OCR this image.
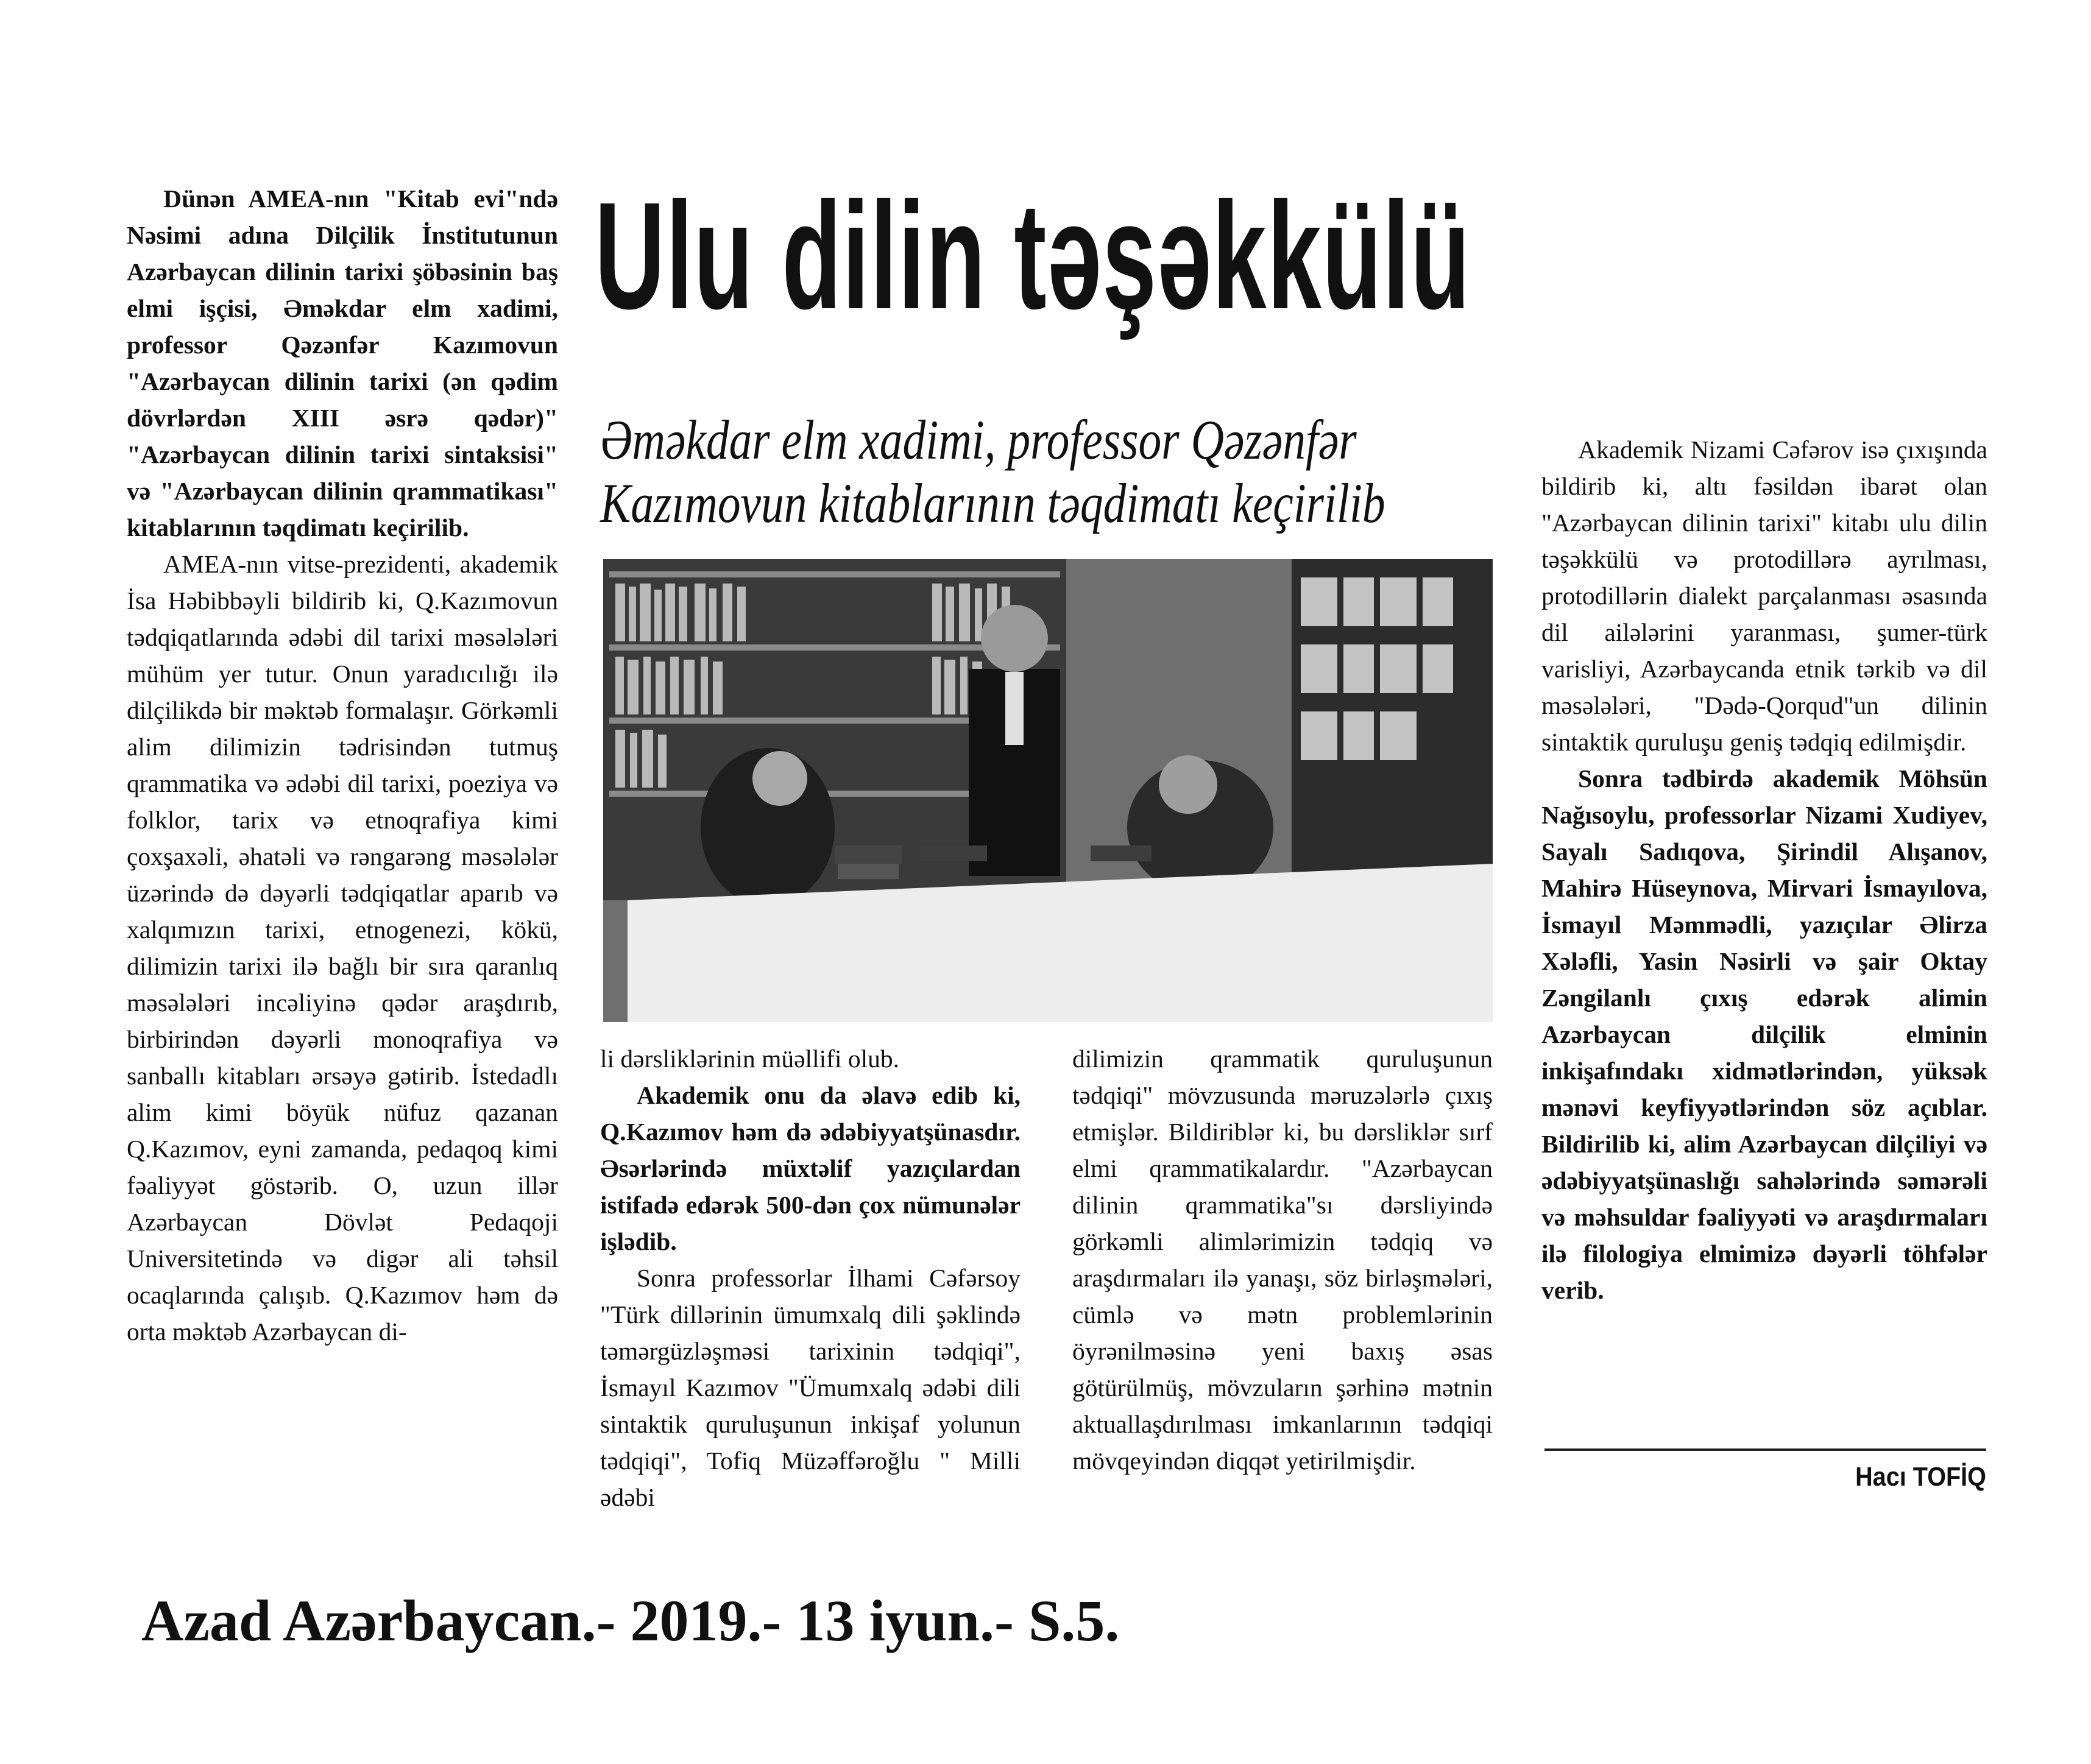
Ulu dilin təşəkkülü
Əməkdar elm xadimi, professor Qəzənfər
Kazımovun kitablarının təqdimatı keçirilib

Dünən AMEA-nın "Kitab evi"ndə Nəsimi adına Dilçilik İnstitutunun Azərbaycan dilinin tarixi şöbəsinin baş elmi işçisi, Əməkdar elm xadimi, professor Qəzənfər Kazımovun "Azərbaycan dilinin tarixi (ən qədim dövrlərdən XIII əsrə qədər)" "Azərbaycan dilinin tarixi sintaksisi" və "Azərbaycan dilinin qrammatikası" kitablarının təqdimatı keçirilib.

AMEA-nın vitse-prezidenti, akademik İsa Həbibbəyli bildirib ki, Q.Kazımovun tədqiqatlarında ədəbi dil tarixi məsələləri mühüm yer tutur. Onun yaradıcılığı ilə dilçilikdə bir məktəb formalaşır. Görkəmli alim dilimizin tədrisindən tutmuş qrammatika və ədəbi dil tarixi, poeziya və folklor, tarix və etnoqrafiya kimi çoxşaxəli, əhatəli və rəngarəng məsələlər üzərində də dəyərli tədqiqatlar aparıb və xalqımızın tarixi, etnogenezi, kökü, dilimizin tarixi ilə bağlı bir sıra qaranlıq məsələləri incəliyinə qədər araşdırıb, birbirindən dəyərli monoqrafiya və sanballı kitabları ərsəyə gətirib. İstedadlı alim kimi böyük nüfuz qazanan Q.Kazımov, eyni zamanda, pedaqoq kimi fəaliyyət göstərib. O, uzun illər Azərbaycan Dövlət Pedaqoji Universitetində və digər ali təhsil ocaqlarında çalışıb. Q.Kazımov həm də orta məktəb Azərbaycan di-

li dərsliklərinin müəllifi olub.

Akademik onu da əlavə edib ki, Q.Kazımov həm də ədəbiyyatşünasdır. Əsərlərində müxtəlif yazıçılardan istifadə edərək 500-dən çox nümunələr işlədib.

Sonra professorlar İlhami Cəfərsoy "Türk dillərinin ümumxalq dili şəklində təmərgüzləşməsi tarixinin tədqiqi", İsmayıl Kazımov "Ümumxalq ədəbi dili sintaktik quruluşunun inkişaf yolunun tədqiqi", Tofiq Müzəffəroğlu " Milli ədəbi

dilimizin qrammatik quruluşunun tədqiqi" mövzusunda məruzələrlə çıxış etmişlər. Bildiriblər ki, bu dərsliklər sırf elmi qrammatikalardır. "Azərbaycan dilinin qrammatika"sı dərsliyində görkəmli alimlərimizin tədqiq və araşdırmaları ilə yanaşı, söz birləşmələri, cümlə və mətn problemlərinin öyrənilməsinə yeni baxış əsas götürülmüş, mövzuların şərhinə mətnin aktuallaşdırılması imkanlarının tədqiqi mövqeyindən diqqət yetirilmişdir.

Akademik Nizami Cəfərov isə çıxışında bildirib ki, altı fəsildən ibarət olan "Azərbaycan dilinin tarixi" kitabı ulu dilin təşəkkülü və protodillərə ayrılması, protodillərin dialekt parçalanması əsasında dil ailələrini yaranması, şumer-türk varisliyi, Azərbaycanda etnik tərkib və dil məsələləri, "Dədə-Qorqud"un dilinin sintaktik quruluşu geniş tədqiq edilmişdir.

Sonra tədbirdə akademik Möhsün Nağısoylu, professorlar Nizami Xudiyev, Sayalı Sadıqova, Şirindil Alışanov, Mahirə Hüseynova, Mirvari İsmayılova, İsmayıl Məmmədli, yazıçılar Əlirza Xələfli, Yasin Nəsirli və şair Oktay Zəngilanlı çıxış edərək alimin Azərbaycan dilçilik elminin inkişafındakı xidmətlərindən, yüksək mənəvi keyfiyyətlərindən söz açıblar. Bildirilib ki, alim Azərbaycan dilçiliyi və ədəbiyyatşünaslığı sahələrində səmərəli və məhsuldar fəaliyyəti və araşdırmaları ilə filologiya elmimizə dəyərli töhfələr verib.

Hacı TOFİQ
Azad Azərbaycan.- 2019.- 13 iyun.- S.5.
